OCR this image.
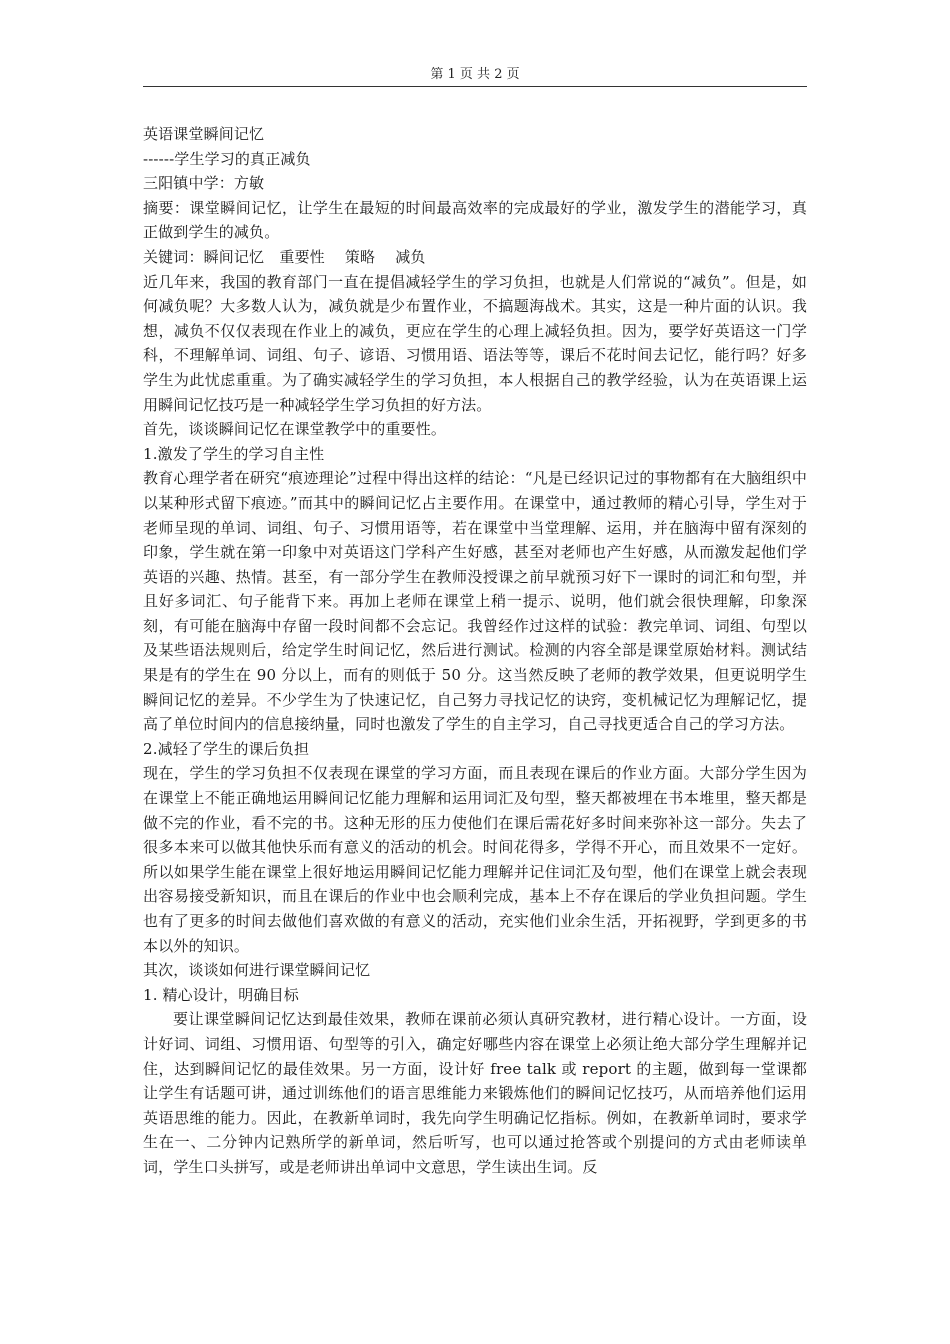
第 1 页 共 2 页

英语课堂瞬间记忆

------学生学习的真正减负

三阳镇中学：方敏

摘要：课堂瞬间记忆，让学生在最短的时间最高效率的完成最好的学业，激发学生的潜能学习，真正做到学生的减负。

关键词：瞬间记忆　重要性　 策略　 减负

近几年来，我国的教育部门一直在提倡减轻学生的学习负担，也就是人们常说的“减负”。但是，如何减负呢？大多数人认为，减负就是少布置作业，不搞题海战术。其实，这是一种片面的认识。我想，减负不仅仅表现在作业上的减负，更应在学生的心理上减轻负担。因为，要学好英语这一门学科，不理解单词、词组、句子、谚语、习惯用语、语法等等，课后不花时间去记忆，能行吗？好多学生为此忧虑重重。为了确实减轻学生的学习负担，本人根据自己的教学经验，认为在英语课上运用瞬间记忆技巧是一种减轻学生学习负担的好方法。

首先，谈谈瞬间记忆在课堂教学中的重要性。

1.激发了学生的学习自主性

教育心理学者在研究“痕迹理论”过程中得出这样的结论：“凡是已经识记过的事物都有在大脑组织中以某种形式留下痕迹。”而其中的瞬间记忆占主要作用。在课堂中，通过教师的精心引导，学生对于老师呈现的单词、词组、句子、习惯用语等，若在课堂中当堂理解、运用，并在脑海中留有深刻的印象，学生就在第一印象中对英语这门学科产生好感，甚至对老师也产生好感，从而激发起他们学英语的兴趣、热情。甚至，有一部分学生在教师没授课之前早就预习好下一课时的词汇和句型，并且好多词汇、句子能背下来。再加上老师在课堂上稍一提示、说明，他们就会很快理解，印象深刻，有可能在脑海中存留一段时间都不会忘记。我曾经作过这样的试验：教完单词、词组、句型以及某些语法规则后，给定学生时间记忆，然后进行测试。检测的内容全部是课堂原始材料。测试结果是有的学生在 90 分以上，而有的则低于 50 分。这当然反映了老师的教学效果，但更说明学生瞬间记忆的差异。不少学生为了快速记忆，自己努力寻找记忆的诀窍，变机械记忆为理解记忆，提高了单位时间内的信息接纳量，同时也激发了学生的自主学习，自己寻找更适合自己的学习方法。

2.减轻了学生的课后负担

现在，学生的学习负担不仅表现在课堂的学习方面，而且表现在课后的作业方面。大部分学生因为在课堂上不能正确地运用瞬间记忆能力理解和运用词汇及句型，整天都被埋在书本堆里，整天都是做不完的作业，看不完的书。这种无形的压力使他们在课后需花好多时间来弥补这一部分。失去了很多本来可以做其他快乐而有意义的活动的机会。时间花得多，学得不开心，而且效果不一定好。所以如果学生能在课堂上很好地运用瞬间记忆能力理解并记住词汇及句型，他们在课堂上就会表现出容易接受新知识，而且在课后的作业中也会顺利完成，基本上不存在课后的学业负担问题。学生也有了更多的时间去做他们喜欢做的有意义的活动，充实他们业余生活，开拓视野，学到更多的书本以外的知识。

其次，谈谈如何进行课堂瞬间记忆

1. 精心设计，明确目标

要让课堂瞬间记忆达到最佳效果，教师在课前必须认真研究教材，进行精心设计。一方面，设计好词、词组、习惯用语、句型等的引入，确定好哪些内容在课堂上必须让绝大部分学生理解并记住，达到瞬间记忆的最佳效果。另一方面，设计好 free talk 或 report 的主题，做到每一堂课都让学生有话题可讲，通过训练他们的语言思维能力来锻炼他们的瞬间记忆技巧，从而培养他们运用英语思维的能力。因此，在教新单词时，我先向学生明确记忆指标。例如，在教新单词时，要求学生在一、二分钟内记熟所学的新单词，然后听写，也可以通过抢答或个别提问的方式由老师读单词，学生口头拼写，或是老师讲出单词中文意思，学生读出生词。反
